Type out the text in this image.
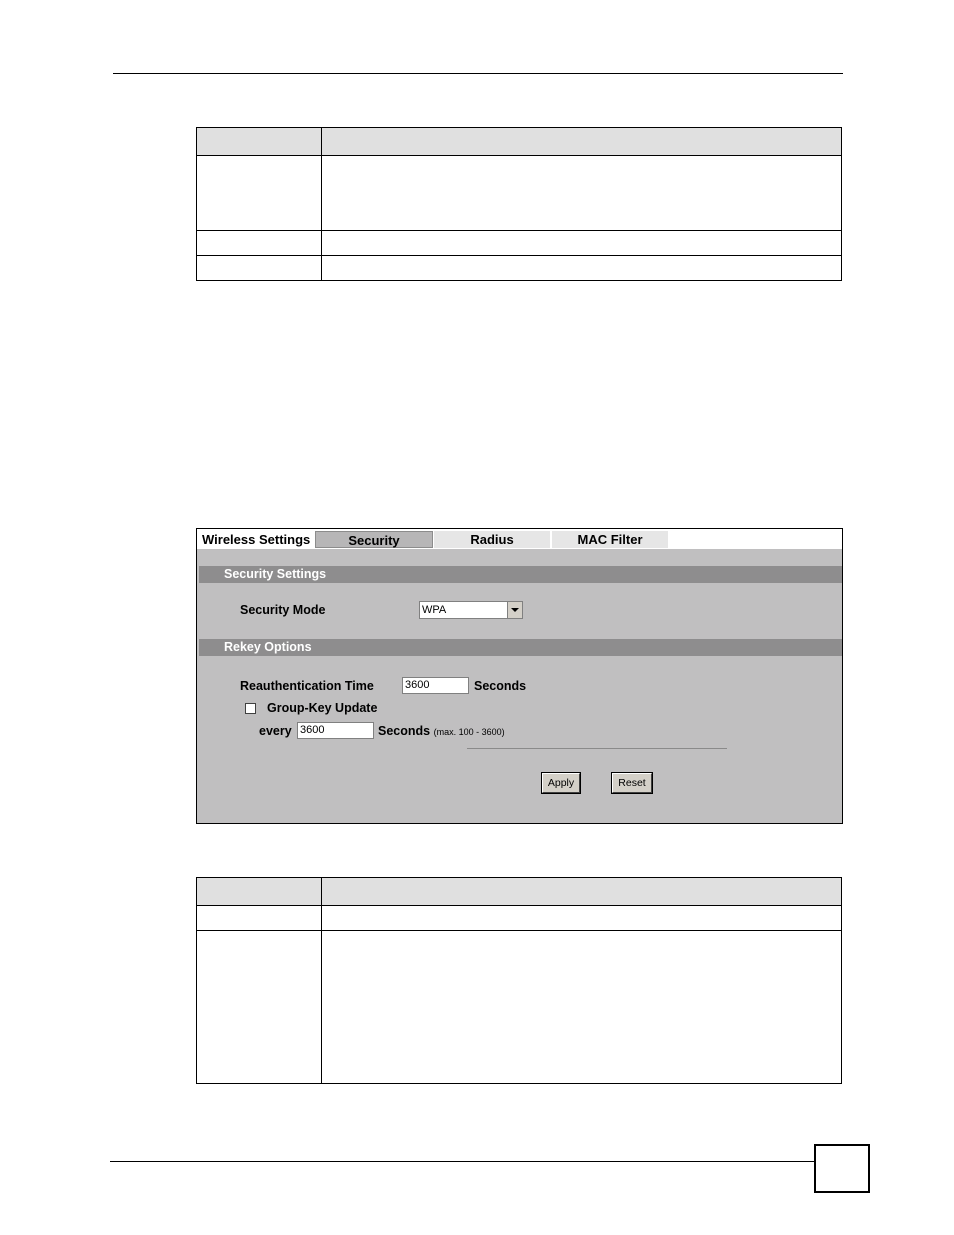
Wireless Settings	Security	Radius	MAC Filter
Security Settings
Security Mode	WPA
Rekey Options
Reauthentication Time	3600	Seconds
Group-Key Update
every 3600	Seconds (max. 100 - 3600)
Apply	Reset
